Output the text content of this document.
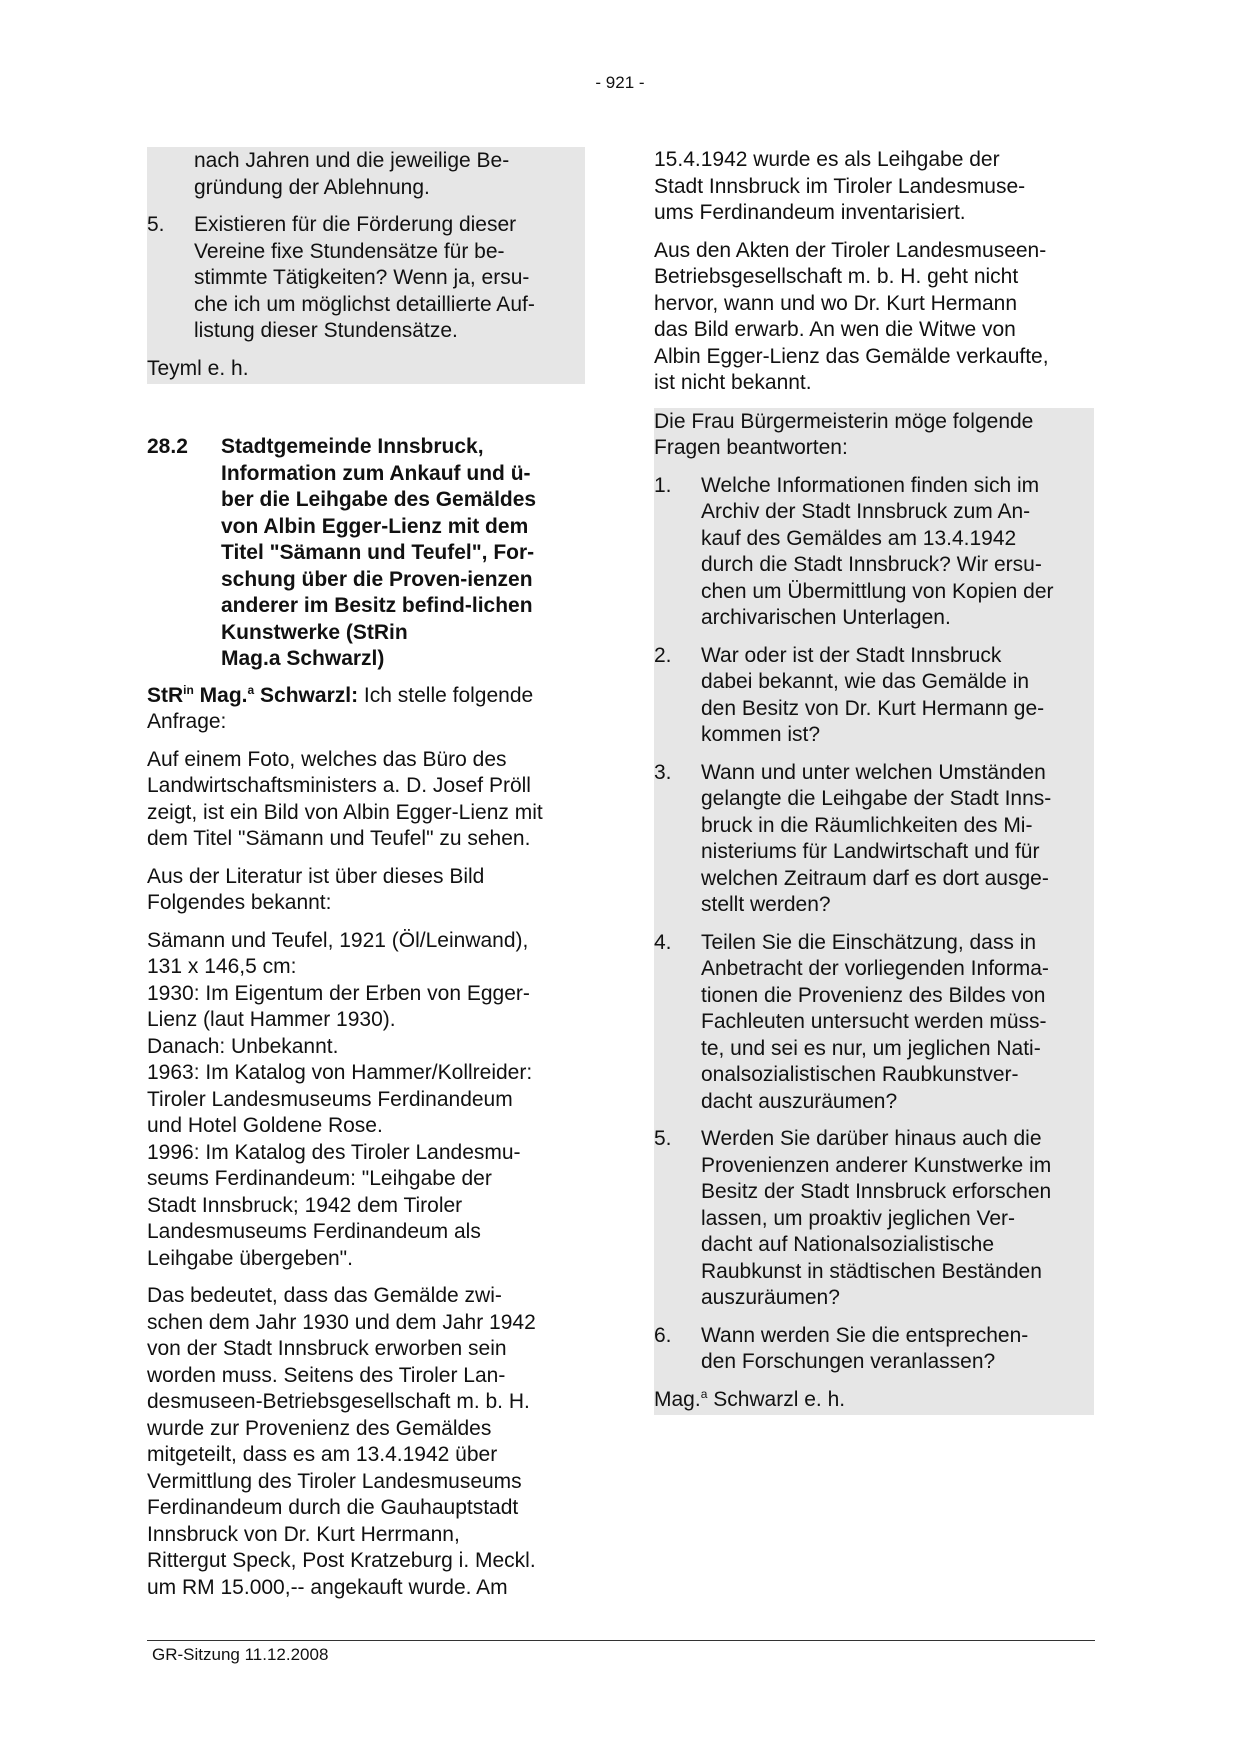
- 921 -

nach Jahren und die jeweilige Be-
gründung der Ablehnung.

5.	Existieren für die Förderung dieser
Vereine fixe Stundensätze für be-
stimmte Tätigkeiten? Wenn ja, ersu-
che ich um möglichst detaillierte Auf-
listung dieser Stundensätze.

Teyml e. h.

28.2	Stadtgemeinde Innsbruck,
Information zum Ankauf und ü-
ber die Leihgabe des Gemäldes
von Albin Egger-Lienz mit dem
Titel "Sämann und Teufel", For-
schung über die Proven-ienzen
anderer im Besitz befind-lichen
Kunstwerke (StRin
Mag.a Schwarzl)

StR$^{in}$ Mag.$^a$ Schwarzl: Ich stelle folgende
Anfrage:

Auf einem Foto, welches das Büro des
Landwirtschaftsministers a. D. Josef Pröll
zeigt, ist ein Bild von Albin Egger-Lienz mit
dem Titel "Sämann und Teufel" zu sehen.

Aus der Literatur ist über dieses Bild
Folgendes bekannt:

Sämann und Teufel, 1921 (Öl/Leinwand),
131 x 146,5 cm:
1930: Im Eigentum der Erben von Egger-
Lienz (laut Hammer 1930).
Danach: Unbekannt.
1963: Im Katalog von Hammer/Kollreider:
Tiroler Landesmuseums Ferdinandeum
und Hotel Goldene Rose.
1996: Im Katalog des Tiroler Landesmu-
seums Ferdinandeum: "Leihgabe der
Stadt Innsbruck; 1942 dem Tiroler
Landesmuseums Ferdinandeum als
Leihgabe übergeben".

Das bedeutet, dass das Gemälde zwi-
schen dem Jahr 1930 und dem Jahr 1942
von der Stadt Innsbruck erworben sein
worden muss. Seitens des Tiroler Lan-
desmuseen-Betriebsgesellschaft m. b. H.
wurde zur Provenienz des Gemäldes
mitgeteilt, dass es am 13.4.1942 über
Vermittlung des Tiroler Landesmuseums
Ferdinandeum durch die Gauhauptstadt
Innsbruck von Dr. Kurt Herrmann,
Rittergut Speck, Post Kratzeburg i. Meckl.
um RM 15.000,-- angekauft wurde. Am

15.4.1942 wurde es als Leihgabe der
Stadt Innsbruck im Tiroler Landesmuse-
ums Ferdinandeum inventarisiert.

Aus den Akten der Tiroler Landesmuseen-
Betriebsgesellschaft m. b. H. geht nicht
hervor, wann und wo Dr. Kurt Hermann
das Bild erwarb. An wen die Witwe von
Albin Egger-Lienz das Gemälde verkaufte,
ist nicht bekannt.

Die Frau Bürgermeisterin möge folgende
Fragen beantworten:

1.	Welche Informationen finden sich im
Archiv der Stadt Innsbruck zum An-
kauf des Gemäldes am 13.4.1942
durch die Stadt Innsbruck? Wir ersu-
chen um Übermittlung von Kopien der
archivarischen Unterlagen.
2.	War oder ist der Stadt Innsbruck
dabei bekannt, wie das Gemälde in
den Besitz von Dr. Kurt Hermann ge-
kommen ist?
3.	Wann und unter welchen Umständen
gelangte die Leihgabe der Stadt Inns-
bruck in die Räumlichkeiten des Mi-
nisteriums für Landwirtschaft und für
welchen Zeitraum darf es dort ausge-
stellt werden?
4.	Teilen Sie die Einschätzung, dass in
Anbetracht der vorliegenden Informa-
tionen die Provenienz des Bildes von
Fachleuten untersucht werden müss-
te, und sei es nur, um jeglichen Nati-
onalsozialistischen Raubkunstver-
dacht auszuräumen?
5.	Werden Sie darüber hinaus auch die
Provenienzen anderer Kunstwerke im
Besitz der Stadt Innsbruck erforschen
lassen, um proaktiv jeglichen Ver-
dacht auf Nationalsozialistische
Raubkunst in städtischen Beständen
auszuräumen?
6.	Wann werden Sie die entsprechen-
den Forschungen veranlassen?

Mag.$^a$ Schwarzl e. h.

GR-Sitzung 11.12.2008
